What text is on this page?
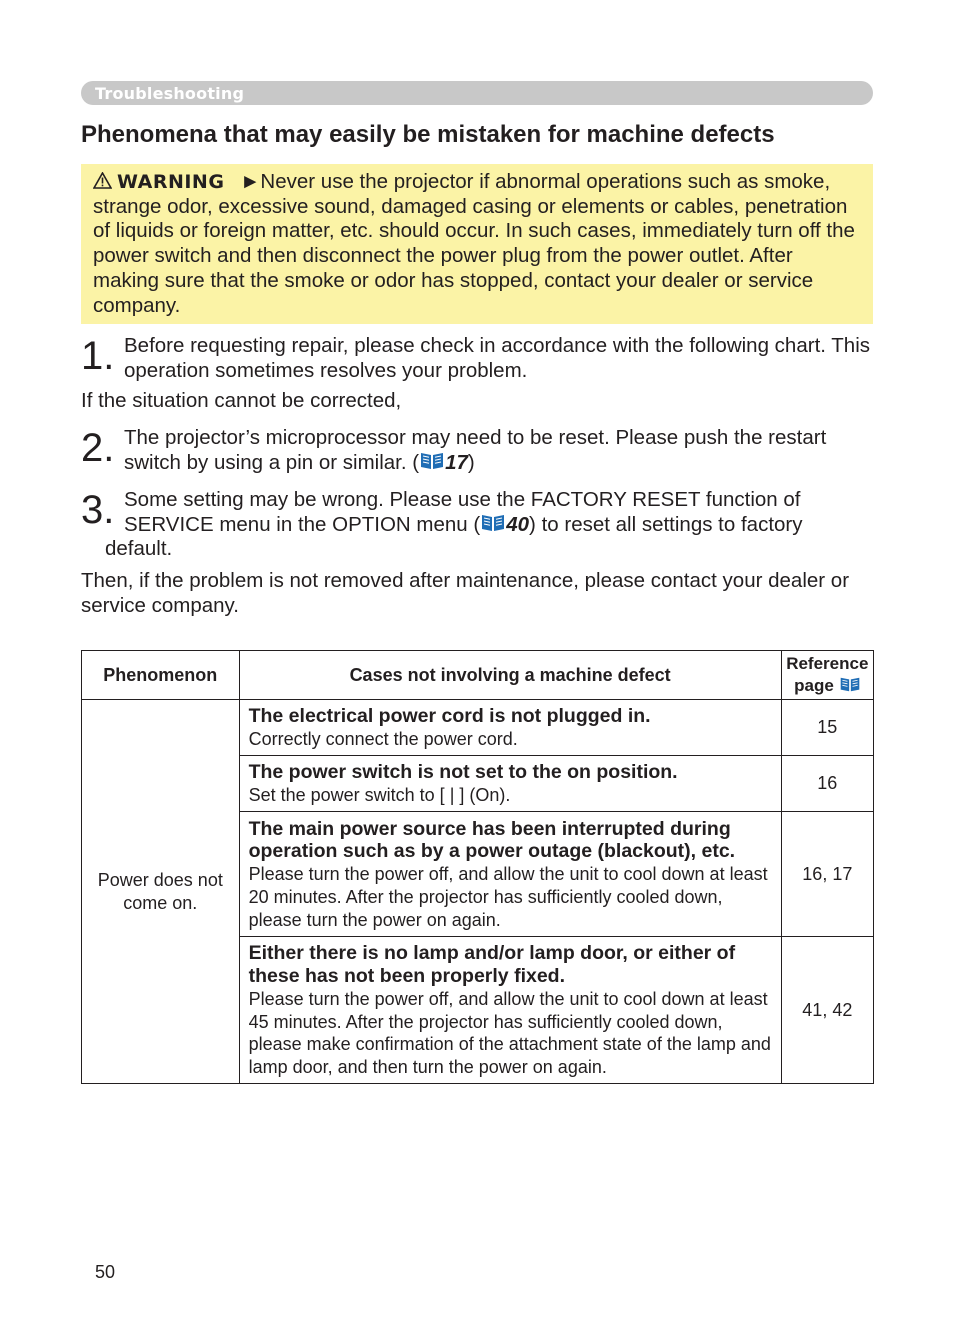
Troubleshooting
Phenomena that may easily be mistaken for machine defects
WARNING ►Never use the projector if abnormal operations such as smoke, strange odor, excessive sound, damaged casing or elements or cables, penetration of liquids or foreign matter, etc. should occur. In such cases, immediately turn off the power switch and then disconnect the power plug from the power outlet. After making sure that the smoke or odor has stopped, contact your dealer or service company.
1. Before requesting repair, please check in accordance with the following chart. This operation sometimes resolves your problem.
If the situation cannot be corrected,
2. The projector’s microprocessor may need to be reset. Please push the restart switch by using a pin or similar. ( 17)
3. Some setting may be wrong. Please use the FACTORY RESET function of SERVICE menu in the OPTION menu ( 40) to reset all settings to factory
default.
Then, if the problem is not removed after maintenance, please contact your dealer or service company.
Phenomenon	Cases not involving a machine defect	Reference
page

Power does not come on.	The electrical power cord is not plugged in.
Correctly connect the power cord.	15

	The power switch is not set to the on position.
Set the power switch to [ | ] (On).	16

	The main power source has been interrupted during operation such as by a power outage (blackout), etc.
Please turn the power off, and allow the unit to cool down at least 20 minutes. After the projector has sufficiently cooled down, please turn the power on again.	16, 17

	Either there is no lamp and/or lamp door, or either of these has not been properly fixed.
Please turn the power off, and allow the unit to cool down at least 45 minutes. After the projector has sufficiently cooled down, please make confirmation of the attachment state of the lamp and lamp door, and then turn the power on again.	41, 42
50
